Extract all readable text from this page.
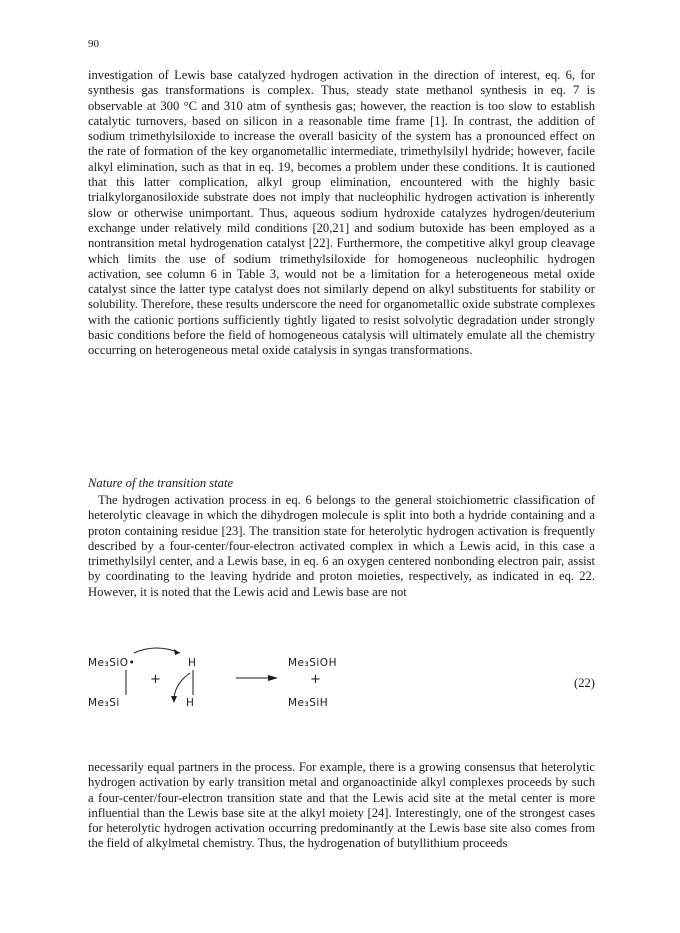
90

investigation of Lewis base catalyzed hydrogen activation in the direction of interest, eq. 6, for synthesis gas transformations is complex. Thus, steady state methanol synthesis in eq. 7 is observable at 300 °C and 310 atm of synthesis gas; however, the reaction is too slow to establish catalytic turnovers, based on silicon in a reasonable time frame [1]. In contrast, the addition of sodium trimethylsiloxide to increase the overall basicity of the system has a pronounced effect on the rate of formation of the key organometallic intermediate, trimethylsilyl hydride; however, facile alkyl elimination, such as that in eq. 19, becomes a problem under these conditions. It is cautioned that this latter complication, alkyl group elimination, encountered with the highly basic trialkylorganosiloxide substrate does not imply that nucleophilic hydrogen activation is inherently slow or otherwise unimportant. Thus, aqueous sodium hydroxide catalyzes hydrogen/deuterium exchange under relatively mild conditions [20,21] and sodium butoxide has been employed as a nontransition metal hydrogenation catalyst [22]. Furthermore, the competitive alkyl group cleavage which limits the use of sodium trimethylsiloxide for homogeneous nucleophilic hydrogen activation, see column 6 in Table 3, would not be a limitation for a heterogeneous metal oxide catalyst since the latter type catalyst does not similarly depend on alkyl substituents for stability or solubility. Therefore, these results underscore the need for organometallic oxide substrate complexes with the cationic portions sufficiently tightly ligated to resist solvolytic degradation under strongly basic conditions before the field of homogeneous catalysis will ultimately emulate all the chemistry occurring on heterogeneous metal oxide catalysis in syngas transformations.

Nature of the transition state

The hydrogen activation process in eq. 6 belongs to the general stoichiometric classification of heterolytic cleavage in which the dihydrogen molecule is split into both a hydride containing and a proton containing residue [23]. The transition state for heterolytic hydrogen activation is frequently described by a four-center/four-electron activated complex in which a Lewis acid, in this case a trimethylsilyl center, and a Lewis base, in eq. 6 an oxygen centered nonbonding electron pair, assist by coordinating to the leaving hydride and proton moieties, respectively, as indicated in eq. 22. However, it is noted that the Lewis acid and Lewis base are not

Me₃SiO•	H
+
Me₃Si	H
Me₃SiOH
+
Me₃SiH
(22)

necessarily equal partners in the process. For example, there is a growing consensus that heterolytic hydrogen activation by early transition metal and organoactinide alkyl complexes proceeds by such a four-center/four-electron transition state and that the Lewis acid site at the metal center is more influential than the Lewis base site at the alkyl moiety [24]. Interestingly, one of the strongest cases for heterolytic hydrogen activation occurring predominantly at the Lewis base site also comes from the field of alkylmetal chemistry. Thus, the hydrogenation of butyllithium proceeds
